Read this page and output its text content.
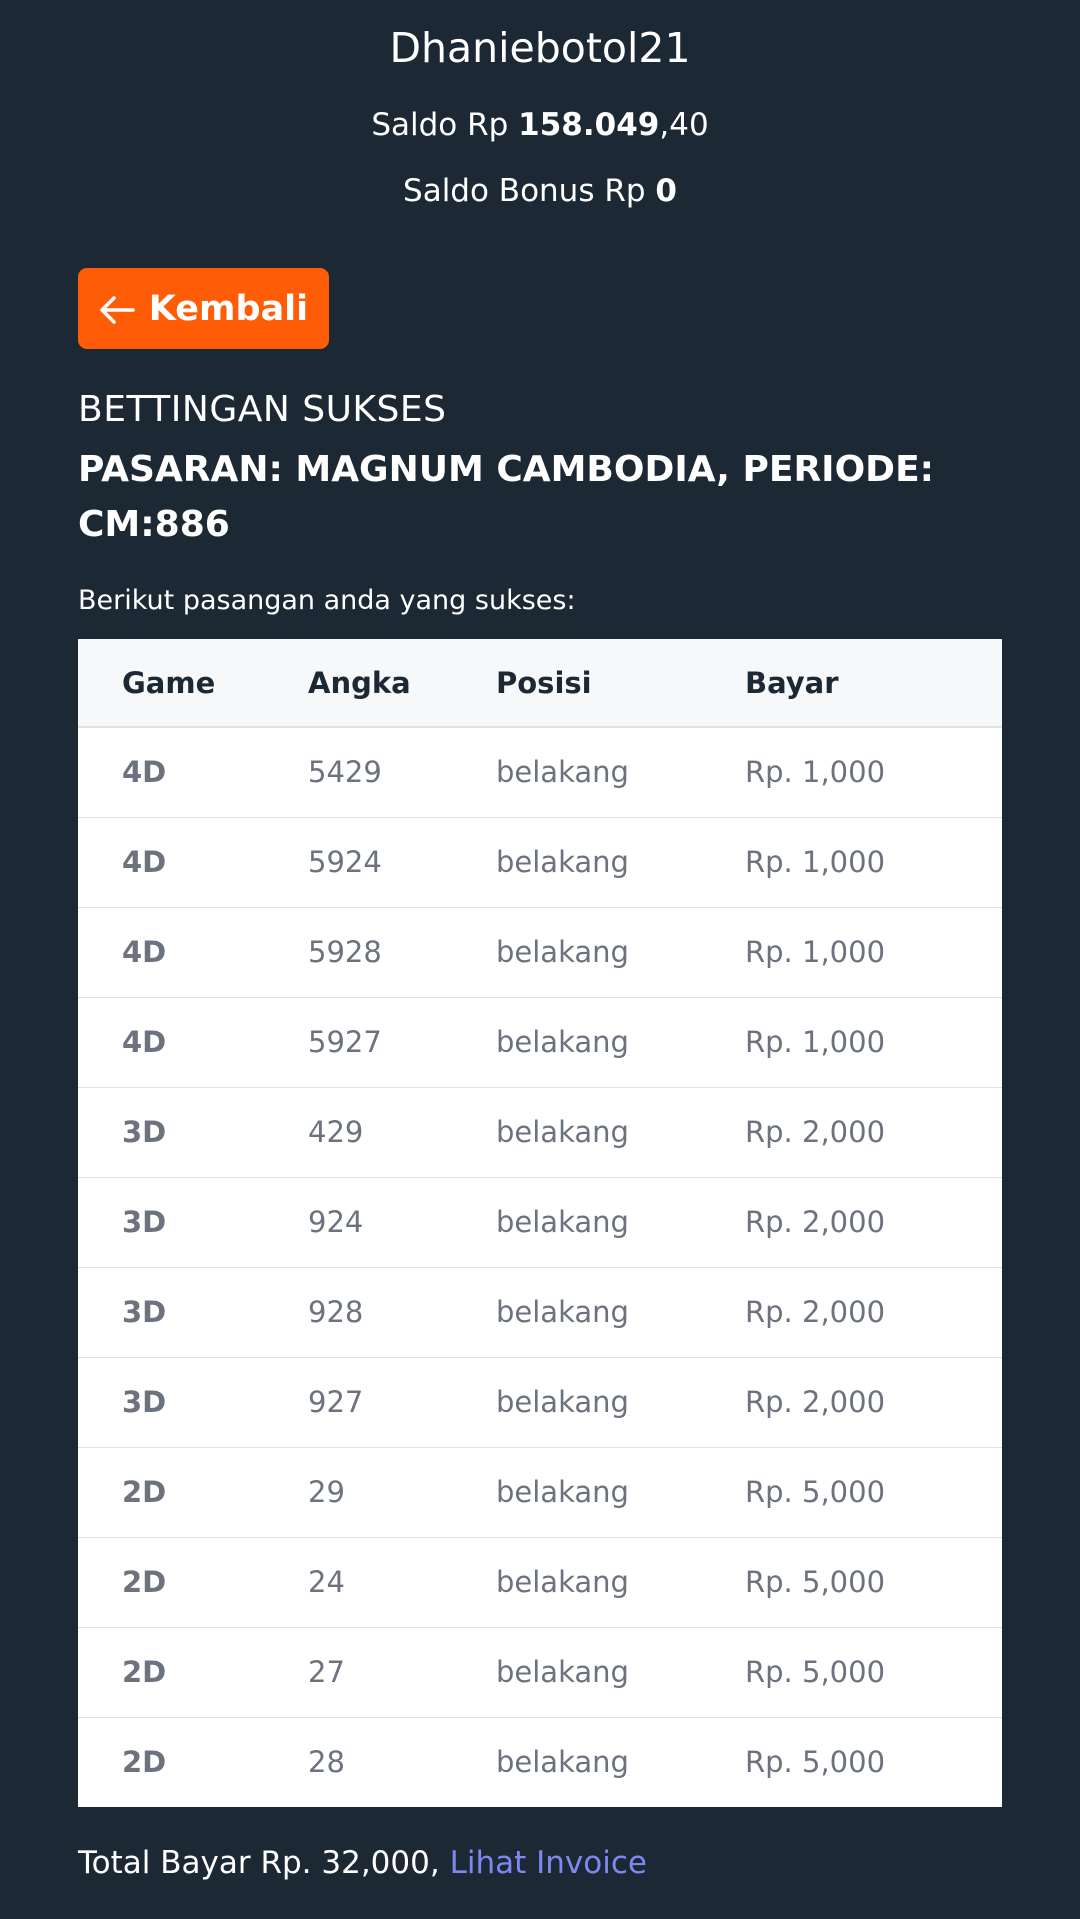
Dhaniebotol21
Saldo Rp 158.049,40
Saldo Bonus Rp 0
Kembali
BETTINGAN SUKSES
PASARAN: MAGNUM CAMBODIA, PERIODE: CM:886
Berikut pasangan anda yang sukses:
Game	Angka	Posisi	Bayar
4D	5429	belakang	Rp. 1,000
4D	5924	belakang	Rp. 1,000
4D	5928	belakang	Rp. 1,000
4D	5927	belakang	Rp. 1,000
3D	429	belakang	Rp. 2,000
3D	924	belakang	Rp. 2,000
3D	928	belakang	Rp. 2,000
3D	927	belakang	Rp. 2,000
2D	29	belakang	Rp. 5,000
2D	24	belakang	Rp. 5,000
2D	27	belakang	Rp. 5,000
2D	28	belakang	Rp. 5,000
Total Bayar Rp. 32,000, Lihat Invoice
